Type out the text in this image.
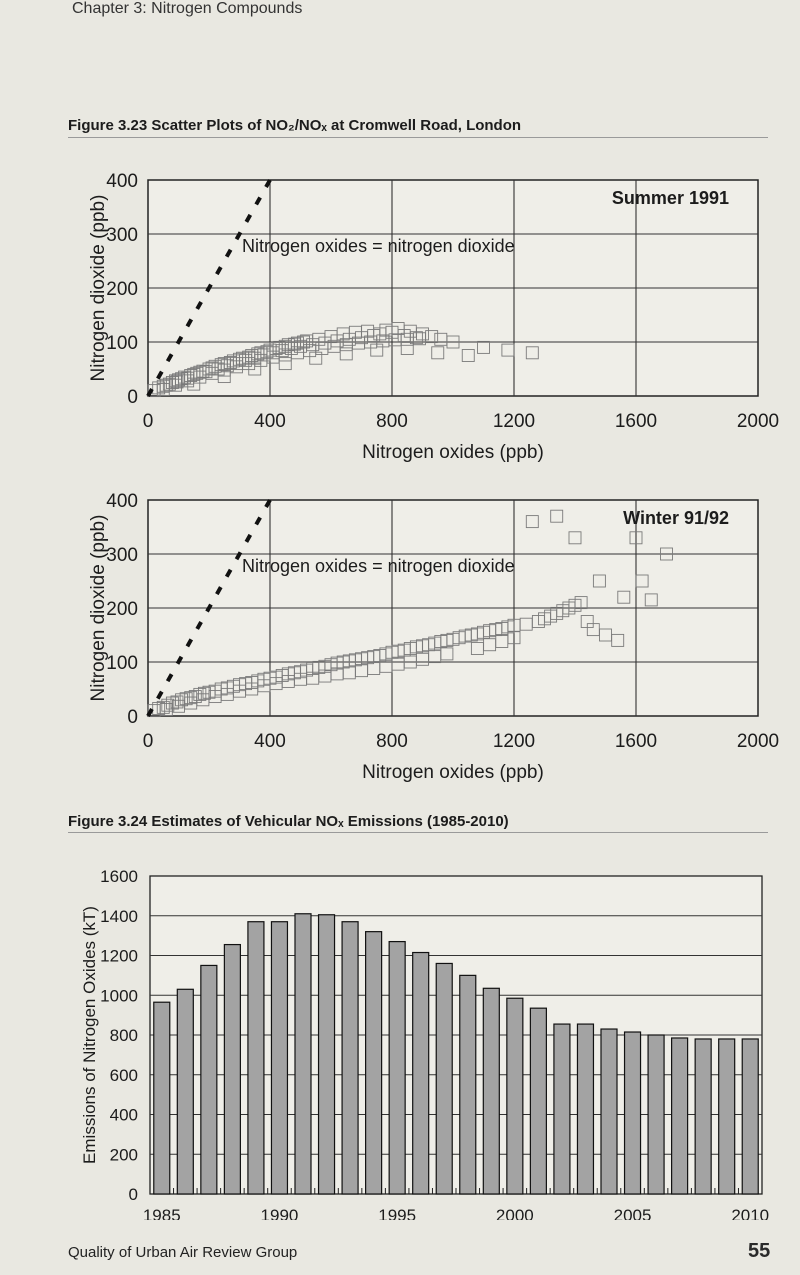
Chapter 3: Nitrogen Compounds
Figure 3.23 Scatter Plots of NO₂/NOₓ at Cromwell Road, London
0
100
200
300
400
0	400	800	1200	1600	2000
Nitrogen oxides = nitrogen dioxide
Summer 1991
Nitrogen oxides (ppb)
Nitrogen dioxide (ppb)
0
100
200
300
400
0	400	800	1200	1600	2000
Nitrogen oxides = nitrogen dioxide
Winter 91/92
Nitrogen oxides (ppb)
Nitrogen dioxide (ppb)
Figure 3.24 Estimates of Vehicular NOₓ Emissions (1985-2010)
0
200
400
600
800
1000
1200
1400
1600
1985	1990	1995	2000	2005	2010
Emissions of Nitrogen Oxides (kT)
Quality of Urban Air Review Group	55
